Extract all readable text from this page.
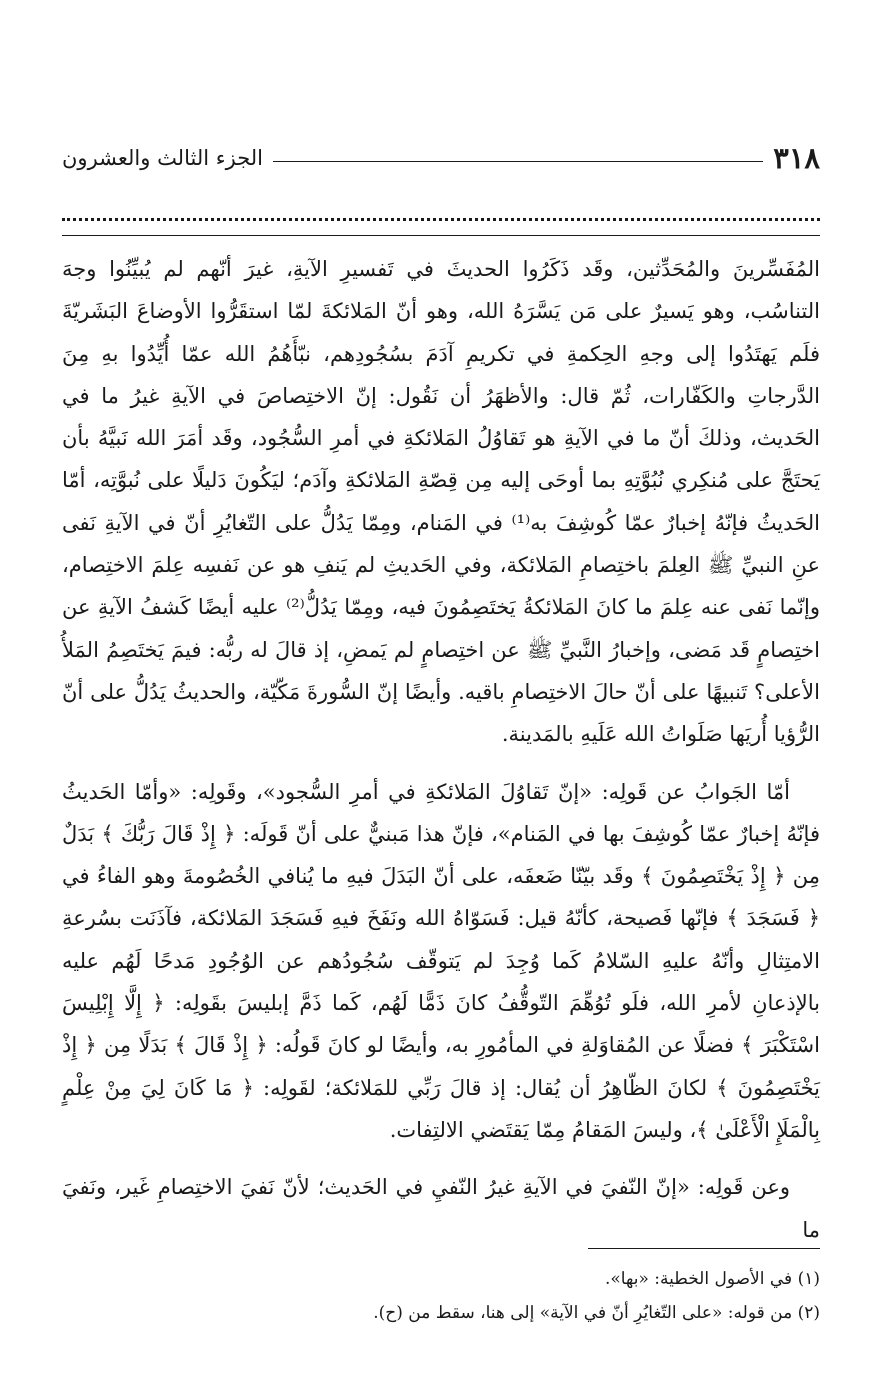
٣١٨
الجزء الثالث والعشرون

المُفَسِّرينَ والمُحَدِّثين، وقَد ذَكَرُوا الحديثَ في تَفسيرِ الآيةِ، غيرَ أنّهم لم يُبيِّنُوا وجهَ التناسُب، وهو يَسيرٌ على مَن يَسَّرَهُ الله، وهو أنّ المَلائكةَ لمّا استقَرُّوا الأوضاعَ البَشَريّةَ فلَم يَهتَدُوا إلى وجهِ الحِكمةِ في تكريمِ آدَمَ بسُجُودِهم، نبّأَهُمُ الله عمّا أُيِّدُوا بهِ مِنَ الدَّرجاتِ والكَفّارات، ثُمّ قال: والأظهَرُ أن نَقُول: إنّ الاختِصاصَ في الآيةِ غيرُ ما في الحَديث، وذلكَ أنّ ما في الآيةِ هو تَقاوُلُ المَلائكةِ في أمرِ السُّجُود، وقَد أمَرَ الله نَبيَّهُ بأن يَحتَجَّ على مُنكِري نُبُوَّتِهِ بما أوحَى إليه مِن قِصّةِ المَلائكةِ وآدَم؛ ليَكُونَ دَليلًا على نُبوَّتِه، أمّا الحَديثُ فإنّهُ إخبارٌ عمّا كُوشِفَ به⁽¹⁾ في المَنام، ومِمّا يَدُلُّ على التّغايُرِ أنّ في الآيةِ نَفى عنِ النبيِّ ﷺ العِلمَ باختِصامِ المَلائكة، وفي الحَديثِ لم يَنفِ هو عن نَفسِه عِلمَ الاختِصام، وإنّما نَفى عنه عِلمَ ما كانَ المَلائكةُ يَختَصِمُونَ فيه، ومِمّا يَدُلُّ⁽²⁾ عليه أيضًا كَشفُ الآيةِ عن اختِصامٍ قَد مَضى، وإخبارُ النَّبيِّ ﷺ عن اختِصامٍ لم يَمضِ، إذ قالَ له ربُّه: فيمَ يَختَصِمُ المَلأُ الأعلى؟ تَنبيهًا على أنّ حالَ الاختِصامِ باقيه. وأيضًا إنّ السُّورةَ مَكّيّة، والحديثُ يَدُلُّ على أنّ الرُّؤيا أُريَها صَلَواتُ الله عَلَيهِ بالمَدينة.

أمّا الجَوابُ عن قَولِه: «إنّ تَقاوُلَ المَلائكةِ في أمرِ السُّجود»، وقَولِه: «وأمّا الحَديثُ فإنّهُ إخبارٌ عمّا كُوشِفَ بها في المَنام»، فإنّ هذا مَبنيٌّ على أنّ قَولَه: ﴿ إِذْ قَالَ رَبُّكَ ﴾ بَدَلٌ مِن ﴿ إِذْ يَخْتَصِمُونَ ﴾ وقَد بيّنّا ضَعفَه، على أنّ البَدَلَ فيهِ ما يُنافي الخُصُومةَ وهو الفاءُ في ﴿ فَسَجَدَ ﴾ فإنّها فَصيحة، كأنّهُ قيل: فَسَوّاهُ الله ونَفَخَ فيهِ فَسَجَدَ المَلائكة، فآذَنَت بسُرعةِ الامتِثالِ وأنّهُ عليهِ السّلامُ كَما وُجِدَ لم يَتوقّف سُجُودُهم عن الوُجُودِ مَدحًا لَهُم عليه بالإذعانِ لأمرِ الله، فلَو تُوُهِّمَ التّوقُّفُ كانَ ذَمًّا لَهُم، كَما ذَمَّ إبليسَ بقَولِه: ﴿ إِلَّا إِبْلِيسَ اسْتَكْبَرَ ﴾ فضلًا عن المُقاوَلةِ في المأمُورِ به، وأيضًا لو كانَ قَولُه: ﴿ إِذْ قَالَ ﴾ بَدَلًا مِن ﴿ إِذْ يَخْتَصِمُونَ ﴾ لكانَ الظّاهِرُ أن يُقال: إذ قالَ رَبِّي للمَلائكة؛ لقَولِه: ﴿ مَا كَانَ لِيَ مِنْ عِلْمٍ بِالْمَلَإِ الْأَعْلَىٰ ﴾، وليسَ المَقامُ مِمّا يَقتَضي الالتِفات.

وعن قَولِه: «إنّ النّفيَ في الآيةِ غيرُ النّفيِ في الحَديث؛ لأنّ نَفيَ الاختِصامِ غَير، ونَفيَ ما

(١) في الأصول الخطية: «بها».

(٢) من قوله: «على التّغايُرِ أنّ في الآية» إلى هنا، سقط من (ح).
